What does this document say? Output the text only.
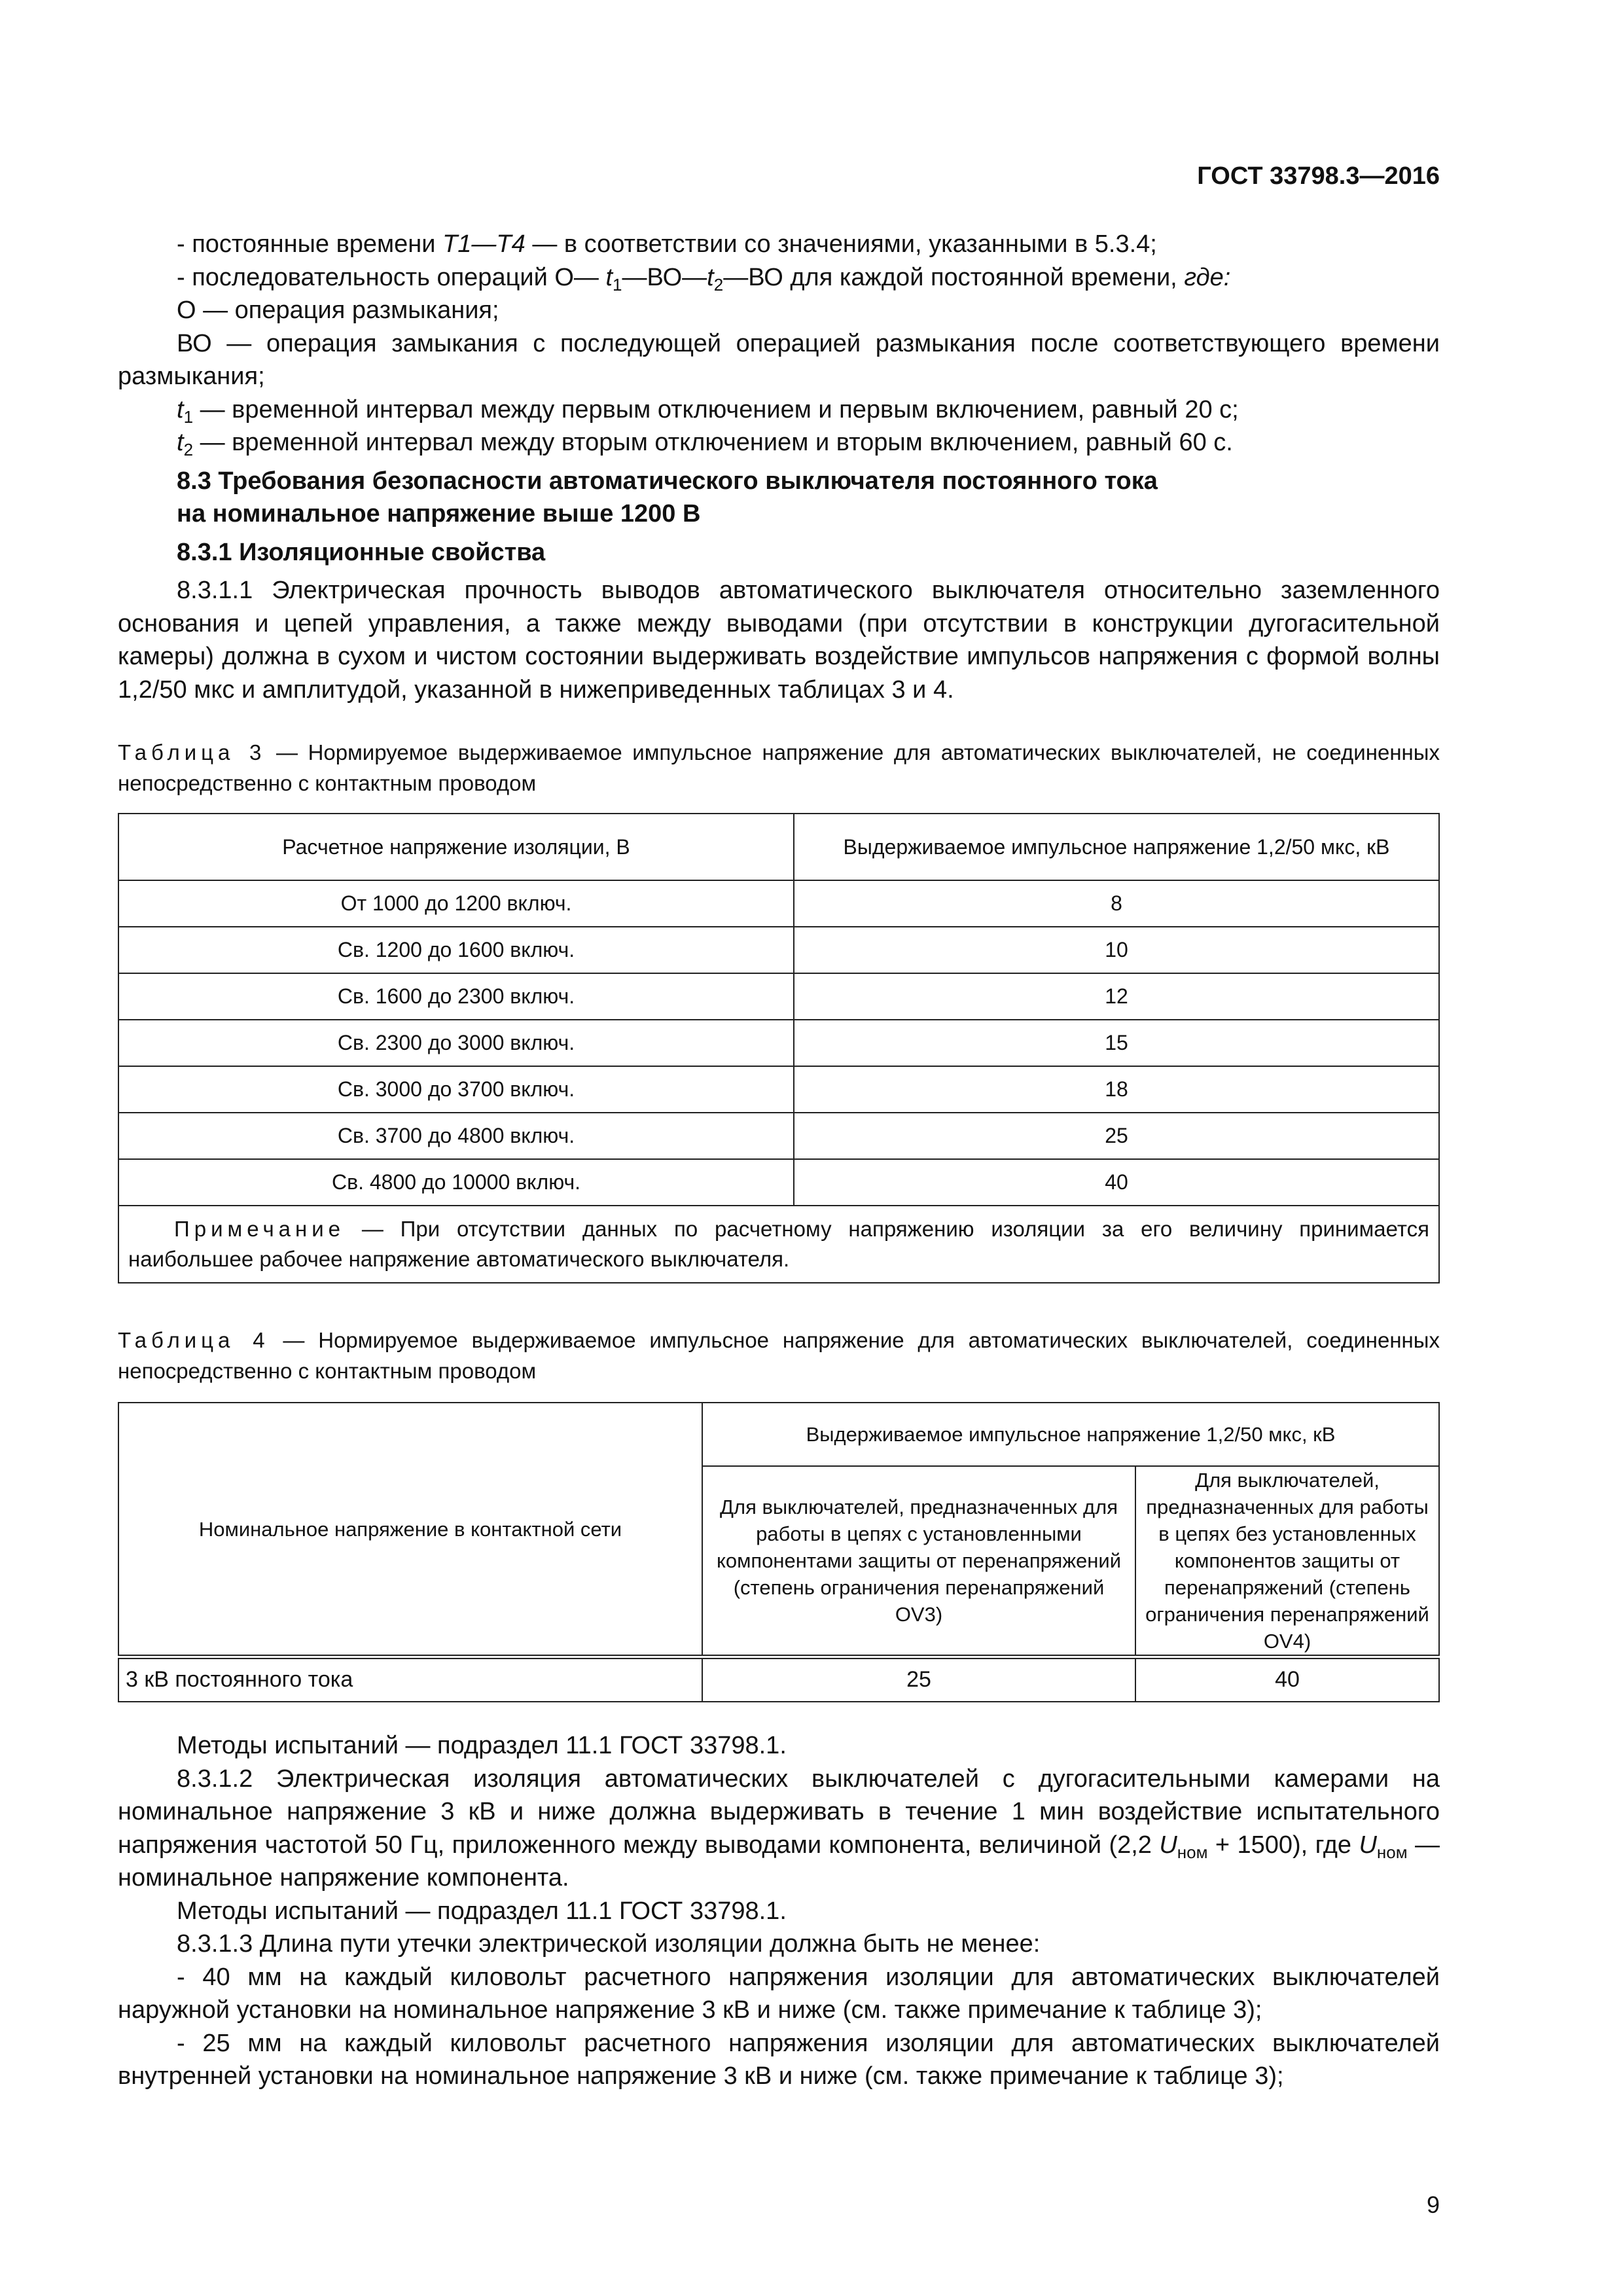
ГОСТ 33798.3—2016
- постоянные времени T1—T4 — в соответствии со значениями, указанными в 5.3.4;
- последовательность операций О— $t_1—ВО—t_2—ВО$ для каждой постоянной времени, где:
О — операция размыкания;
ВО — операция замыкания с последующей операцией размыкания после соответствующего времени размыкания;
$t_1$ — временной интервал между первым отключением и первым включением, равный 20 с;
$t_2$ — временной интервал между вторым отключением и вторым включением, равный 60 с.
8.3 Требования безопасности автоматического выключателя постоянного тока
на номинальное напряжение выше 1200 В
8.3.1 Изоляционные свойства
8.3.1.1 Электрическая прочность выводов автоматического выключателя относительно заземленного основания и цепей управления, а также между выводами (при отсутствии в конструкции дугогасительной камеры) должна в сухом и чистом состоянии выдерживать воздействие импульсов напряжения с формой волны 1,2/50 мкс и амплитудой, указанной в нижеприведенных таблицах 3 и 4.
Таблица 3 — Нормируемое выдерживаемое импульсное напряжение для автоматических выключателей, не соединенных непосредственно с контактным проводом
Расчетное напряжение изоляции, В	Выдерживаемое импульсное напряжение 1,2/50 мкс, кВ
От 1000 до 1200 включ.	8
Св. 1200 до 1600 включ.	10
Св. 1600 до 2300 включ.	12
Св. 2300 до 3000 включ.	15
Св. 3000 до 3700 включ.	18
Св. 3700 до 4800 включ.	25
Св. 4800 до 10000 включ.	40
Примечание — При отсутствии данных по расчетному напряжению изоляции за его величину принимается наибольшее рабочее напряжение автоматического выключателя.	
Таблица 4 — Нормируемое выдерживаемое импульсное напряжение для автоматических выключателей, соединенных непосредственно с контактным проводом
Номинальное напряжение в контактной сети	Выдерживаемое импульсное напряжение 1,2/50 мкс, кВ	
	Для выключателей, предназначенных для работы в цепях с установленными компонентами защиты от перенапряжений (степень ограничения перенапряжений OV3)	Для выключателей, предназначенных для работы в цепях без установленных компонентов защиты от перенапряжений (степень ограничения перенапряжений OV4)
3 кВ постоянного тока	25	40
Методы испытаний — подраздел 11.1 ГОСТ 33798.1.
8.3.1.2 Электрическая изоляция автоматических выключателей с дугогасительными камерами на номинальное напряжение 3 кВ и ниже должна выдерживать в течение 1 мин воздействие испытательного напряжения частотой 50 Гц, приложенного между выводами компонента, величиной (2,2 $U_{ном} + 1500$), где $U_{ном}$ — номинальное напряжение компонента.
Методы испытаний — подраздел 11.1 ГОСТ 33798.1.
8.3.1.3 Длина пути утечки электрической изоляции должна быть не менее:
- 40 мм на каждый киловольт расчетного напряжения изоляции для автоматических выключателей наружной установки на номинальное напряжение 3 кВ и ниже (см. также примечание к таблице 3);
- 25 мм на каждый киловольт расчетного напряжения изоляции для автоматических выключателей внутренней установки на номинальное напряжение 3 кВ и ниже (см. также примечание к таблице 3);
9
